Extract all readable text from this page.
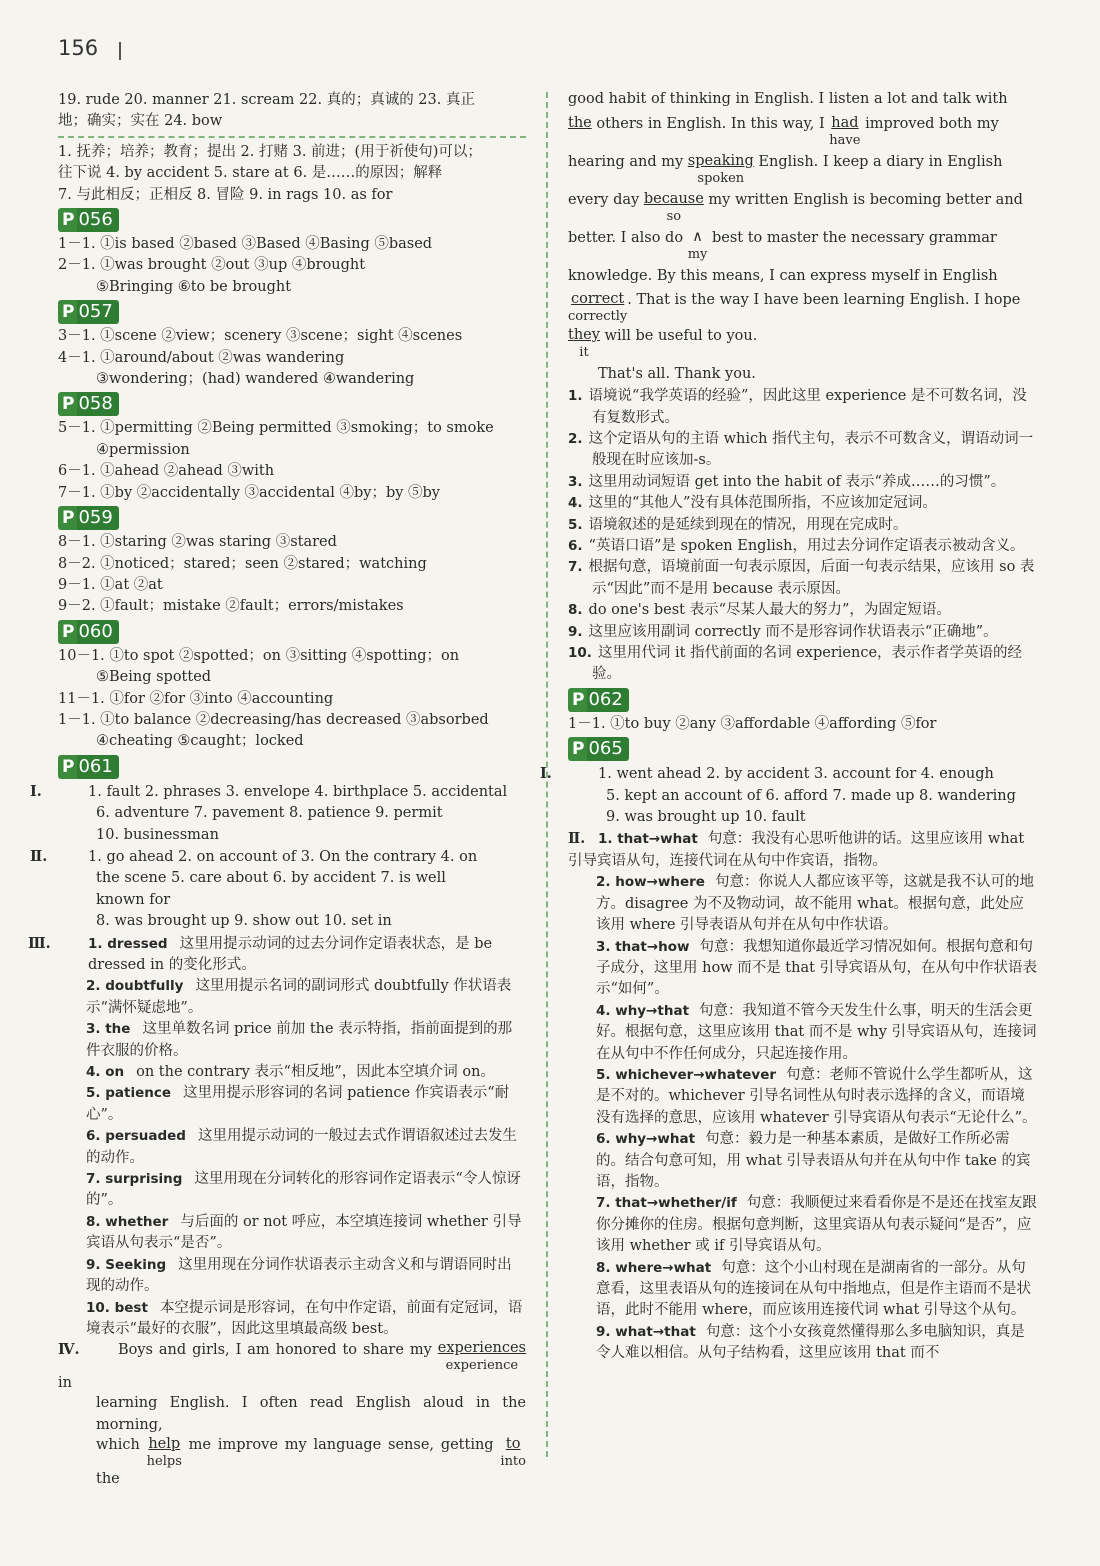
156
19. rude 20. manner 21. scream 22. 真的；真诚的 23. 真正
地；确实；实在 24. bow
1. 抚养；培养；教育；提出 2. 打赌 3. 前进；(用于祈使句)可以；
往下说 4. by accident 5. stare at 6. 是……的原因；解释
7. 与此相反；正相反 8. 冒险 9. in rags 10. as for
P 056
1－1. ①is based ②based ③Based ④Basing ⑤based
2－1. ①was brought ②out ③up ④brought
⑤Bringing ⑥to be brought
P 057
3－1. ①scene ②view；scenery ③scene；sight ④scenes
4－1. ①around/about ②was wandering
③wondering；(had) wandered ④wandering
P 058
5－1. ①permitting ②Being permitted ③smoking；to smoke
④permission
6－1. ①ahead ②ahead ③with
7－1. ①by ②accidentally ③accidental ④by；by ⑤by
P 059
8－1. ①staring ②was staring ③stared
8－2. ①noticed；stared；seen ②stared；watching
9－1. ①at ②at
9－2. ①fault；mistake ②fault；errors/mistakes
P 060
10－1. ①to spot ②spotted；on ③sitting ④spotting；on
⑤Being spotted
11－1. ①for ②for ③into ④accounting
1－1. ①to balance ②decreasing/has decreased ③absorbed
④cheating ⑤caught；locked
P 061
Ⅰ.	1. fault 2. phrases 3. envelope 4. birthplace 5. accidental
6. adventure 7. pavement 8. patience 9. permit
10. businessman
Ⅱ.	1. go ahead 2. on account of 3. On the contrary 4. on
the scene 5. care about 6. by accident 7. is well
known for
8. was brought up 9. show out 10. set in
Ⅲ.	1. dressed 这里用提示动词的过去分词作定语表状态，是 be dressed in 的变化形式。
2. doubtfully 这里用提示名词的副词形式 doubtfully 作状语表示“满怀疑虑地”。
3. the 这里单数名词 price 前加 the 表示特指，指前面提到的那件衣服的价格。
4. on on the contrary 表示“相反地”，因此本空填介词 on。
5. patience 这里用提示形容词的名词 patience 作宾语表示“耐心”。
6. persuaded 这里用提示动词的一般过去式作谓语叙述过去发生的动作。
7. surprising 这里用现在分词转化的形容词作定语表示“令人惊讶的”。
8. whether 与后面的 or not 呼应，本空填连接词 whether 引导宾语从句表示“是否”。
9. Seeking 这里用现在分词作状语表示主动含义和与谓语同时出现的动作。
10. best 本空提示词是形容词，在句中作定语，前面有定冠词，语境表示“最好的衣服”，因此这里填最高级 best。
Ⅳ.	Boys and girls, I am honored to share my experiences
experience
in
learning English. I often read English aloud in the morning,
which help
helps
me improve my language sense, getting to
into
the
good habit of thinking in English. I listen a lot and talk with
the others in English. In this way, I had
have
improved both my
hearing and my speaking
spoken
English. I keep a diary in English
every day because
so
my written English is becoming better and
better. I also do ∧
my
best to master the necessary grammar
knowledge. By this means, I can express myself in English
correct
correctly
. That is the way I have been learning English. I hope
they
it
will be useful to you.
That's all. Thank you.
1. 语境说“我学英语的经验”，因此这里 experience 是不可数名词，没有复数形式。
2. 这个定语从句的主语 which 指代主句，表示不可数含义，谓语动词一般现在时应该加-s。
3. 这里用动词短语 get into the habit of 表示“养成……的习惯”。
4. 这里的“其他人”没有具体范围所指，不应该加定冠词。
5. 语境叙述的是延续到现在的情况，用现在完成时。
6. “英语口语”是 spoken English，用过去分词作定语表示被动含义。
7. 根据句意，语境前面一句表示原因，后面一句表示结果，应该用 so 表示“因此”而不是用 because 表示原因。
8. do one's best 表示“尽某人最大的努力”，为固定短语。
9. 这里应该用副词 correctly 而不是形容词作状语表示“正确地”。
10. 这里用代词 it 指代前面的名词 experience，表示作者学英语的经验。
P 062
1－1. ①to buy ②any ③affordable ④affording ⑤for
P 065
Ⅰ.	1. went ahead 2. by accident 3. account for 4. enough
5. kept an account of 6. afford 7. made up 8. wandering
9. was brought up 10. fault
Ⅱ. 1. that→what 句意：我没有心思听他讲的话。这里应该用 what 引导宾语从句，连接代词在从句中作宾语，指物。
2. how→where 句意：你说人人都应该平等，这就是我不认可的地方。disagree 为不及物动词，故不能用 what。根据句意，此处应该用 where 引导表语从句并在从句中作状语。
3. that→how 句意：我想知道你最近学习情况如何。根据句意和句子成分，这里用 how 而不是 that 引导宾语从句，在从句中作状语表示“如何”。
4. why→that 句意：我知道不管今天发生什么事，明天的生活会更好。根据句意，这里应该用 that 而不是 why 引导宾语从句，连接词在从句中不作任何成分，只起连接作用。
5. whichever→whatever 句意：老师不管说什么学生都听从，这是不对的。whichever 引导名词性从句时表示选择的含义，而语境没有选择的意思，应该用 whatever 引导宾语从句表示“无论什么”。
6. why→what 句意：毅力是一种基本素质，是做好工作所必需的。结合句意可知，用 what 引导表语从句并在从句中作 take 的宾语，指物。
7. that→whether/if 句意：我顺便过来看看你是不是还在找室友跟你分摊你的住房。根据句意判断，这里宾语从句表示疑问“是否”，应该用 whether 或 if 引导宾语从句。
8. where→what 句意：这个小山村现在是湖南省的一部分。从句意看，这里表语从句的连接词在从句中指地点，但是作主语而不是状语，此时不能用 where，而应该用连接代词 what 引导这个从句。
9. what→that 句意：这个小女孩竟然懂得那么多电脑知识，真是令人难以相信。从句子结构看，这里应该用 that 而不
